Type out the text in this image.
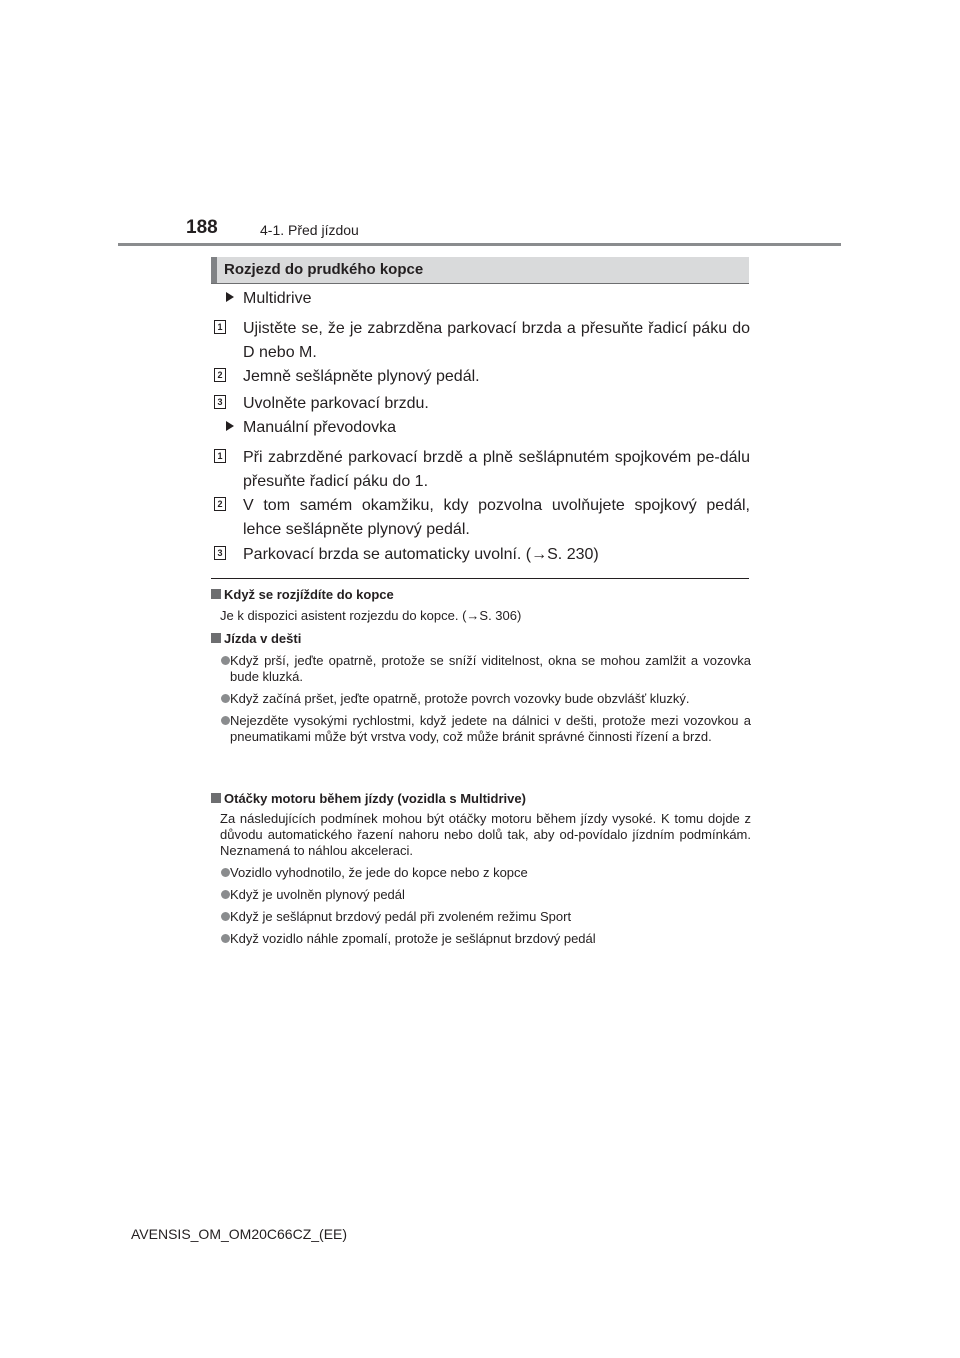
188	4-1. Před jízdou
Rozjezd do prudkého kopce
Multidrive
1 Ujistěte se, že je zabrzděna parkovací brzda a přesuňte řadicí páku do D nebo M.
2 Jemně sešlápněte plynový pedál.
3 Uvolněte parkovací brzdu.
Manuální převodovka
1 Při zabrzděné parkovací brzdě a plně sešlápnutém spojkovém pe-dálu přesuňte řadicí páku do 1.
2 V tom samém okamžiku, kdy pozvolna uvolňujete spojkový pedál, lehce sešlápněte plynový pedál.
3 Parkovací brzda se automaticky uvolní. (→S. 230)
Když se rozjíždíte do kopce
Je k dispozici asistent rozjezdu do kopce. (→S. 306)
Jízda v dešti
Když prší, jeďte opatrně, protože se sníží viditelnost, okna se mohou zamlžit a vozovka bude kluzká.
Když začíná pršet, jeďte opatrně, protože povrch vozovky bude obzvlášť kluzký.
Nejezděte vysokými rychlostmi, když jedete na dálnici v dešti, protože mezi vozovkou a pneumatikami může být vrstva vody, což může bránit správné činnosti řízení a brzd.
Otáčky motoru během jízdy (vozidla s Multidrive)
Za následujících podmínek mohou být otáčky motoru během jízdy vysoké. K tomu dojde z důvodu automatického řazení nahoru nebo dolů tak, aby od-povídalo jízdním podmínkám. Neznamená to náhlou akceleraci.
Vozidlo vyhodnotilo, že jede do kopce nebo z kopce
Když je uvolněn plynový pedál
Když je sešlápnut brzdový pedál při zvoleném režimu Sport
Když vozidlo náhle zpomalí, protože je sešlápnut brzdový pedál
AVENSIS_OM_OM20C66CZ_(EE)
